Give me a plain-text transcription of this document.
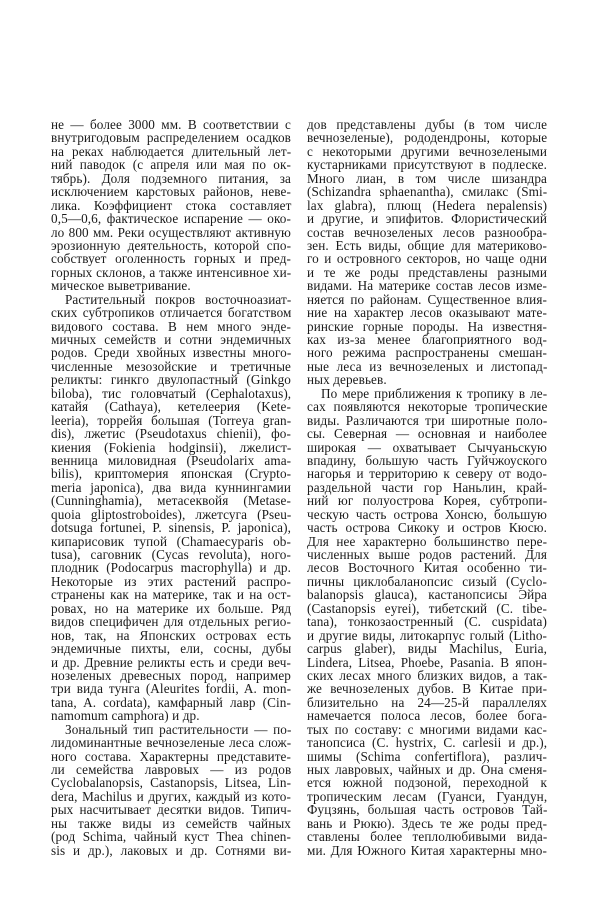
не — более 3000 мм. В соответствии с
внутригодовым распределением осадков
на реках наблюдается длительный лет-
ний паводок (с апреля или мая по ок-
тябрь). Доля подземного питания, за
исключением карстовых районов, неве-
лика. Коэффициент стока составляет
0,5—0,6, фактическое испарение — око-
ло 800 мм. Реки осуществляют активную
эрозионную деятельность, которой спо-
собствует оголенность горных и пред-
горных склонов, а также интенсивное хи-
мическое выветривание.
Растительный покров восточноазиат-
ских субтропиков отличается богатством
видового состава. В нем много энде-
мичных семейств и сотни эндемичных
родов. Среди хвойных известны много-
численные мезозойские и третичные
реликты: гинкго двулопастный (Ginkgo
biloba), тис головчатый (Cephalotaxus),
катайя (Cathaya), кетелеерия (Kete-
leeria), торрейя большая (Torreya gran-
dis), лжетис (Pseudotaxus chienii), фо-
киения (Fokienia hodginsii), лжелист-
венница миловидная (Pseudolarix ama-
bilis), криптомерия японская (Crypto-
meria japonica), два вида куннингамии
(Cunninghamia), метасеквойя (Metase-
quoia gliptostroboides), лжетсуга (Pseu-
dotsuga fortunei, P. sinensis, P. japonica),
кипарисовик тупой (Chamaecyparis ob-
tusa), саговник (Cycas revoluta), ного-
плодник (Podocarpus macrophylla) и др.
Некоторые из этих растений распро-
странены как на материке, так и на ост-
ровах, но на материке их больше. Ряд
видов специфичен для отдельных регио-
нов, так, на Японских островах есть
эндемичные пихты, ели, сосны, дубы
и др. Древние реликты есть и среди веч-
нозеленых древесных пород, например
три вида тунга (Aleurites fordii, A. mon-
tana, A. cordata), камфарный лавр (Cin-
namomum camphora) и др.
Зональный тип растительности — по-
лидоминантные вечнозеленые леса слож-
ного состава. Характерны представите-
ли семейства лавровых — из родов
Cyclobalanopsis, Castanopsis, Litsea, Lin-
dera, Machilus и других, каждый из кото-
рых насчитывает десятки видов. Типич-
ны также виды из семейств чайных
(род Schima, чайный куст Thea chinen-
sis и др.), лаковых и др. Сотнями ви-
дов представлены дубы (в том числе
вечнозеленые), рододендроны, которые
с некоторыми другими вечнозелеными
кустарниками присутствуют в подлеске.
Много лиан, в том числе шизандра
(Schizandra sphaenantha), смилакс (Smi-
lax glabra), плющ (Hedera nepalensis)
и другие, и эпифитов. Флористический
состав вечнозеленых лесов разнообра-
зен. Есть виды, общие для материково-
го и островного секторов, но чаще одни
и те же роды представлены разными
видами. На материке состав лесов изме-
няется по районам. Существенное влия-
ние на характер лесов оказывают мате-
ринские горные породы. На известня-
ках из-за менее благоприятного вод-
ного режима распространены смешан-
ные леса из вечнозеленых и листопад-
ных деревьев.
По мере приближения к тропику в ле-
сах появляются некоторые тропические
виды. Различаются три широтные поло-
сы. Северная — основная и наиболее
широкая — охватывает Сычуаньскую
впадину, большую часть Гуйчжоуского
нагорья и территорию к северу от водо-
раздельной части гор Наньлин, край-
ний юг полуострова Корея, субтропи-
ческую часть острова Хонсю, большую
часть острова Сикоку и остров Кюсю.
Для нее характерно большинство пере-
численных выше родов растений. Для
лесов Восточного Китая особенно ти-
пичны циклобаланопсис сизый (Cyclo-
balanopsis glauca), кастанопсисы Эйра
(Castanopsis eyrei), тибетский (C. tibe-
tana), тонкозаостренный (C. cuspidata)
и другие виды, литокарпус голый (Litho-
carpus glaber), виды Machilus, Euria,
Lindera, Litsea, Phoebe, Pasania. В япон-
ских лесах много близких видов, а так-
же вечнозеленых дубов. В Китае при-
близительно на 24—25-й параллелях
намечается полоса лесов, более бога-
тых по составу: с многими видами кас-
танопсиса (C. hystrix, C. carlesii и др.),
шимы (Schima confertiflora), различ-
ных лавровых, чайных и др. Она сменя-
ется южной подзоной, переходной к
тропическим лесам (Гуанси, Гуандун,
Фуцзянь, большая часть островов Тай-
вань и Рюкю). Здесь те же роды пред-
ставлены более теплолюбивыми вида-
ми. Для Южного Китая характерны мно-
